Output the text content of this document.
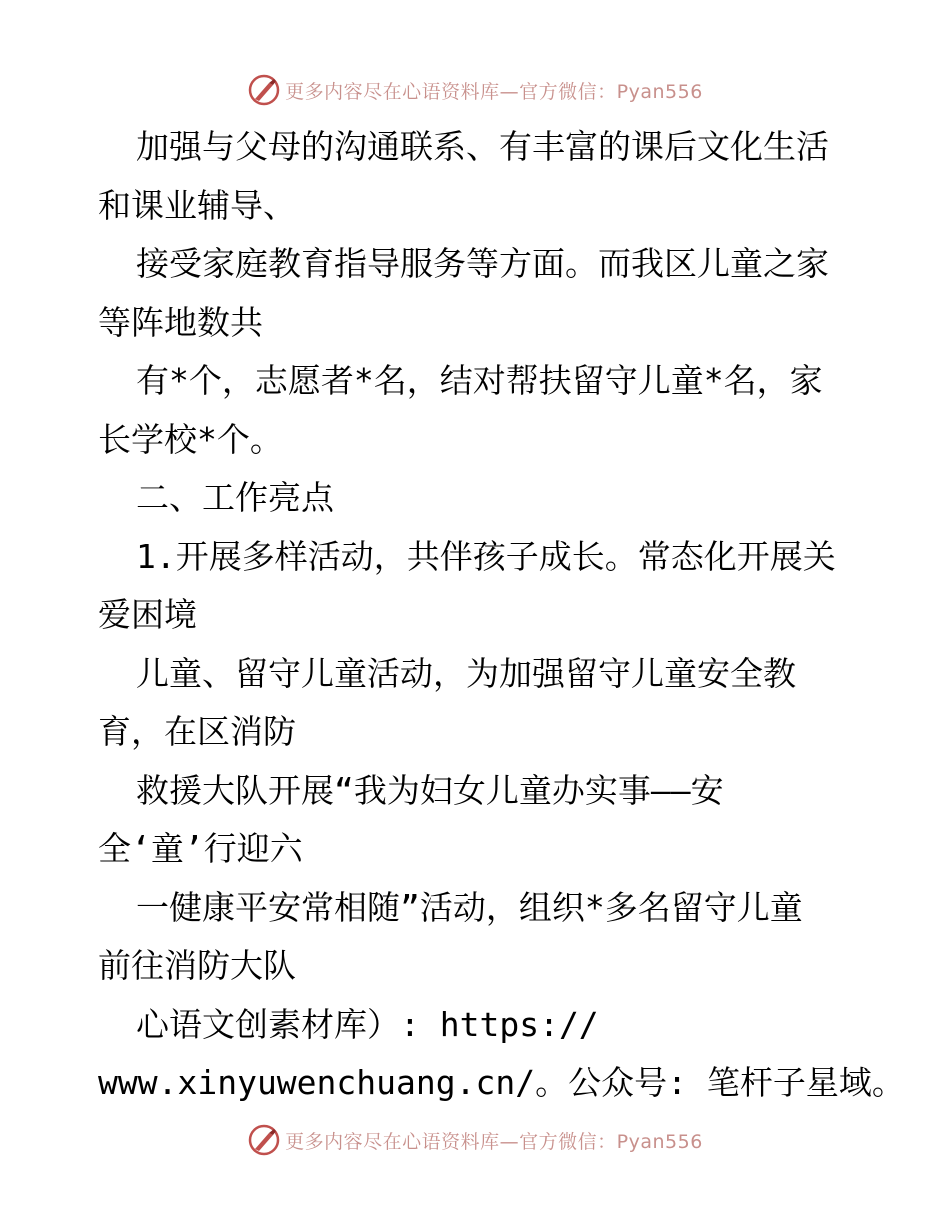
更多内容尽在心语资料库—官方微信：Pyan556
加强与父母的沟通联系、有丰富的课后文化生活
和课业辅导、
接受家庭教育指导服务等方面。而我区儿童之家
等阵地数共
有*个，志愿者*名，结对帮扶留守儿童*名，家
长学校*个。
二、工作亮点
1.开展多样活动，共伴孩子成长。常态化开展关
爱困境
儿童、留守儿童活动，为加强留守儿童安全教
育，在区消防
救援大队开展“我为妇女儿童办实事——安
全‘童’行迎六
一健康平安常相随”活动，组织*多名留守儿童
前往消防大队
心语文创素材库）: https://
www.xinyuwenchuang.cn/。公众号: 笔杆子星域。
更多内容尽在心语资料库—官方微信：Pyan556
